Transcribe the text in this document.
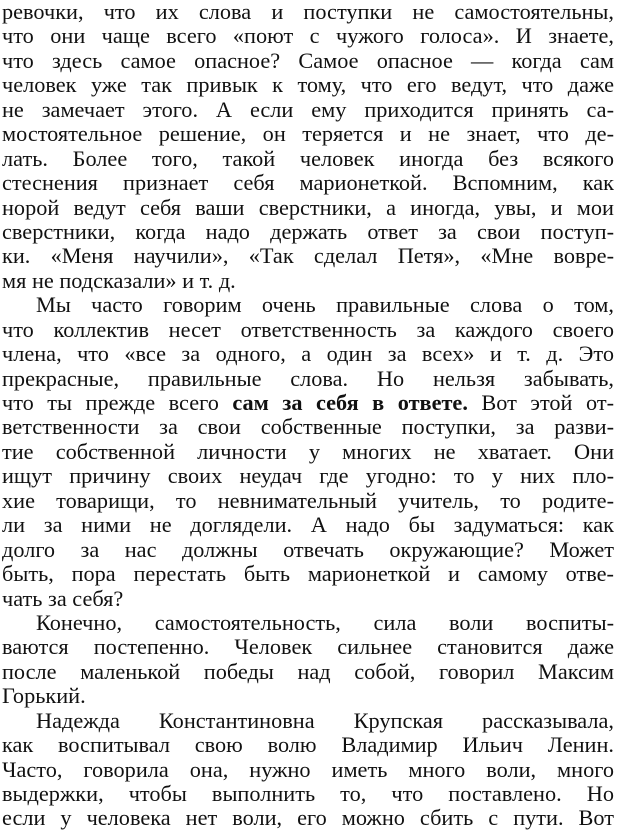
ревочки, что их слова и поступки не самостоятельны,
что они чаще всего «поют с чужого голоса». И знаете,
что здесь самое опасное? Самое опасное — когда сам
человек уже так привык к тому, что его ведут, что даже
не замечает этого. А если ему приходится принять са-
мостоятельное решение, он теряется и не знает, что де-
лать. Более того, такой человек иногда без всякого
стеснения признает себя марионеткой. Вспомним, как
норой ведут себя ваши сверстники, а иногда, увы, и мои
сверстники, когда надо держать ответ за свои поступ-
ки. «Меня научили», «Так сделал Петя», «Мне вовре-
мя не подсказали» и т. д.
Мы часто говорим очень правильные слова о том,
что коллектив несет ответственность за каждого своего
члена, что «все за одного, а один за всех» и т. д. Это
прекрасные, правильные слова. Но нельзя забывать,
что ты прежде всего сам за себя в ответе. Вот этой от-
ветственности за свои собственные поступки, за разви-
тие собственной личности у многих не хватает. Они
ищут причину своих неудач где угодно: то у них пло-
хие товарищи, то невнимательный учитель, то родите-
ли за ними не доглядели. А надо бы задуматься: как
долго за нас должны отвечать окружающие? Может
быть, пора перестать быть марионеткой и самому отве-
чать за себя?
Конечно, самостоятельность, сила воли воспиты-
ваются постепенно. Человек сильнее становится даже
после маленькой победы над собой, говорил Максим
Горький.
Надежда Константиновна Крупская рассказывала,
как воспитывал свою волю Владимир Ильич Ленин.
Часто, говорила она, нужно иметь много воли, много
выдержки, чтобы выполнить то, что поставлено. Но
если у человека нет воли, его можно сбить с пути. Вот
